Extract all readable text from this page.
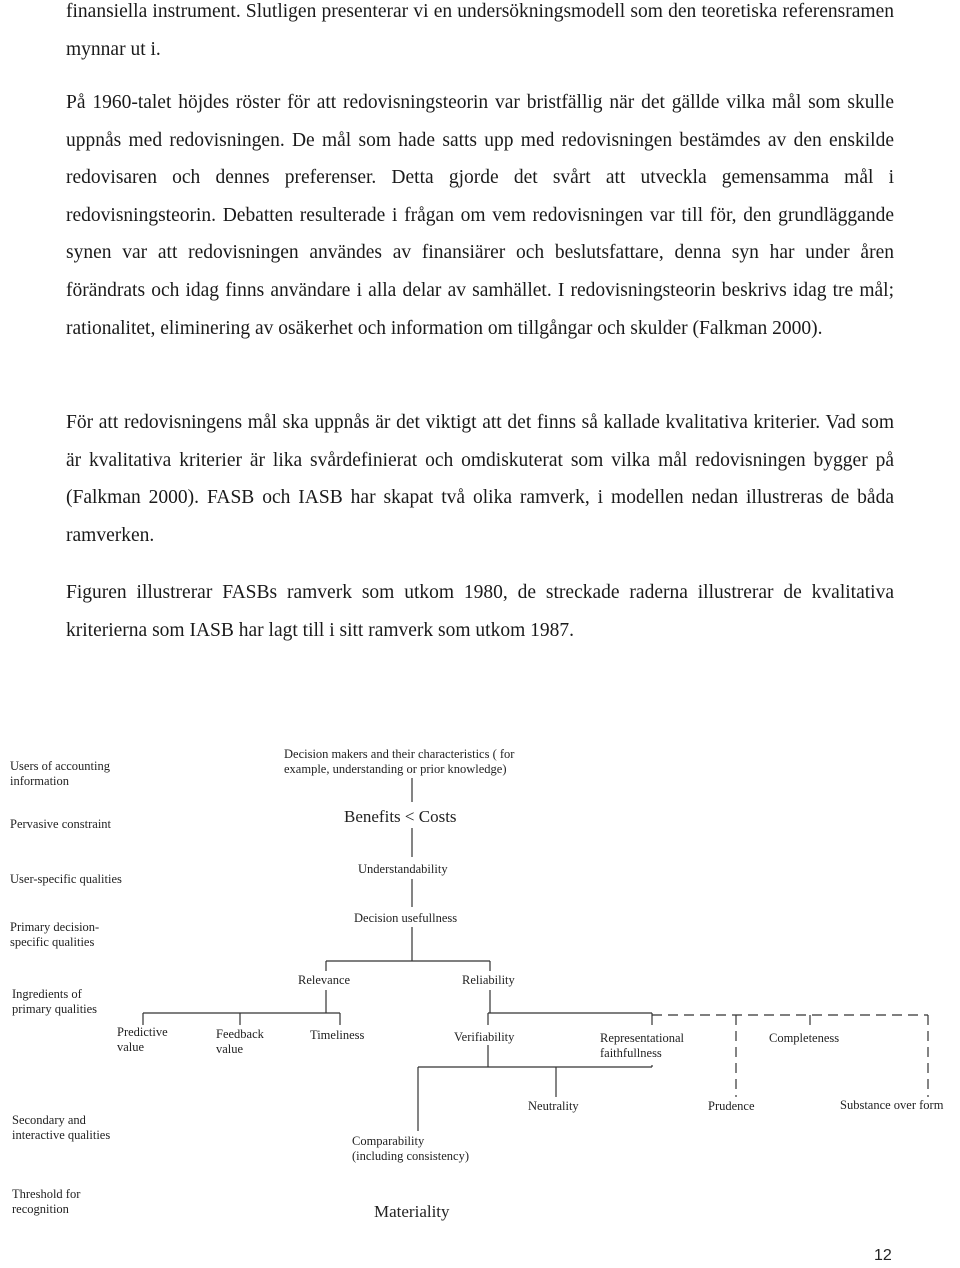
finansiella instrument. Slutligen presenterar vi en undersökningsmodell som den teoretiska referensramen mynnar ut i.

På 1960-talet höjdes röster för att redovisningsteorin var bristfällig när det gällde vilka mål som skulle uppnås med redovisningen. De mål som hade satts upp med redovisningen bestämdes av den enskilde redovisaren och dennes preferenser. Detta gjorde det svårt att utveckla gemensamma mål i redovisningsteorin. Debatten resulterade i frågan om vem redovisningen var till för, den grundläggande synen var att redovisningen användes av finansiärer och beslutsfattare, denna syn har under åren förändrats och idag finns användare i alla delar av samhället. I redovisningsteorin beskrivs idag tre mål; rationalitet, eliminering av osäkerhet och information om tillgångar och skulder (Falkman 2000).

För att redovisningens mål ska uppnås är det viktigt att det finns så kallade kvalitativa kriterier. Vad som är kvalitativa kriterier är lika svårdefinierat och omdiskuterat som vilka mål redovisningen bygger på (Falkman 2000). FASB och IASB har skapat två olika ramverk, i modellen nedan illustreras de båda ramverken.

Figuren illustrerar FASBs ramverk som utkom 1980, de streckade raderna illustrerar de kvalitativa kriterierna som IASB har lagt till i sitt ramverk som utkom 1987.

Users of accounting
information
Pervasive constraint
User-specific qualities
Primary decision-
specific qualities
Ingredients of
primary qualities
Secondary and
interactive qualities
Threshold for
recognition
Decision makers and their characteristics ( for
example, understanding or prior knowledge)
Benefits < Costs
Understandability
Decision usefullness
Relevance	Reliability
Predictive
value
Feedback
value
Timeliness	Verifiability	Representational
faithfullness
Completeness
Neutrality	Prudence	Substance over form
Comparability
(including consistency)
Materiality
12
